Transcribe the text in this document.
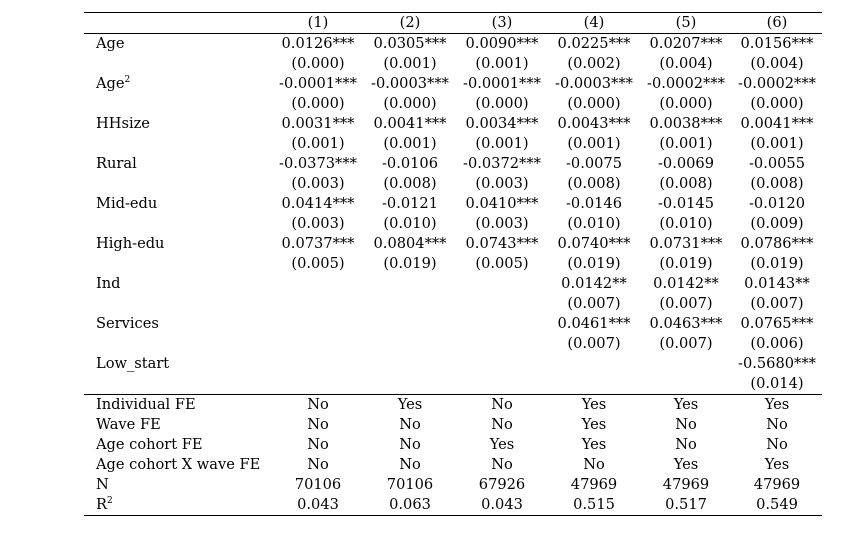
	(1)	(2)	(3)	(4)	(5)	(6)
Age	0.0126***	0.0305***	0.0090***	0.0225***	0.0207***	0.0156***
	(0.000)	(0.001)	(0.001)	(0.002)	(0.004)	(0.004)
Age$^2$	-0.0001***	-0.0003***	-0.0001***	-0.0003***	-0.0002***	-0.0002***
	(0.000)	(0.000)	(0.000)	(0.000)	(0.000)	(0.000)
HHsize	0.0031***	0.0041***	0.0034***	0.0043***	0.0038***	0.0041***
	(0.001)	(0.001)	(0.001)	(0.001)	(0.001)	(0.001)
Rural	-0.0373***	-0.0106	-0.0372***	-0.0075	-0.0069	-0.0055
	(0.003)	(0.008)	(0.003)	(0.008)	(0.008)	(0.008)
Mid-edu	0.0414***	-0.0121	0.0410***	-0.0146	-0.0145	-0.0120
	(0.003)	(0.010)	(0.003)	(0.010)	(0.010)	(0.009)
High-edu	0.0737***	0.0804***	0.0743***	0.0740***	0.0731***	0.0786***
	(0.005)	(0.019)	(0.005)	(0.019)	(0.019)	(0.019)
Ind				0.0142**	0.0142**	0.0143**
				(0.007)	(0.007)	(0.007)
Services				0.0461***	0.0463***	0.0765***
				(0.007)	(0.007)	(0.006)
Low_start						-0.5680***
						(0.014)
Individual FE	No	Yes	No	Yes	Yes	Yes
Wave FE	No	No	No	Yes	No	No
Age cohort FE	No	No	Yes	Yes	No	No
Age cohort X wave FE	No	No	No	No	Yes	Yes
N	70106	70106	67926	47969	47969	47969
$R^2$	0.043	0.063	0.043	0.515	0.517	0.549
